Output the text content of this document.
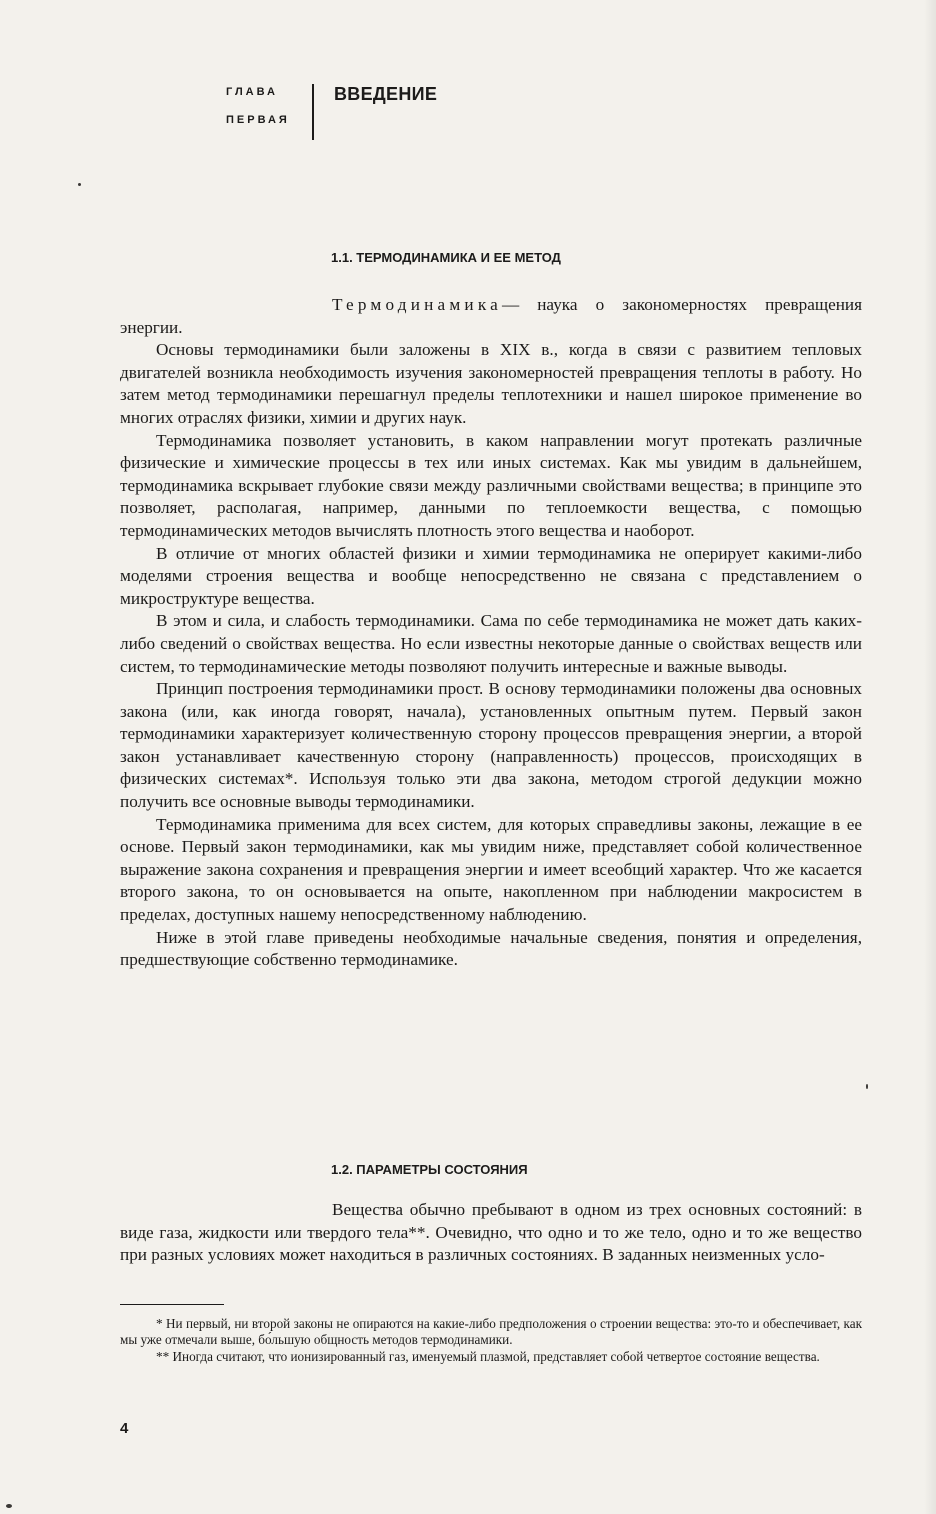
ГЛАВА
ПЕРВАЯ
ВВЕДЕНИЕ
1.1. ТЕРМОДИНАМИКА И ЕЕ МЕТОД

Термодинамика— наука о закономерностях превращения энергии.

Основы термодинамики были заложены в XIX в., когда в связи с развитием тепловых двигателей возникла необходимость изучения закономерностей превращения теплоты в работу. Но затем метод термодинамики перешагнул пределы теплотехники и нашел широкое применение во многих отраслях физики, химии и других наук.

Термодинамика позволяет установить, в каком направлении могут протекать различные физические и химические процессы в тех или иных системах. Как мы увидим в дальнейшем, термодинамика вскрывает глубокие связи между различными свойствами вещества; в принципе это позволяет, располагая, например, данными по теплоемкости вещества, с помощью термодинамических методов вычислять плотность этого вещества и наоборот.

В отличие от многих областей физики и химии термодинамика не оперирует какими-либо моделями строения вещества и вообще непосредственно не связана с представлением о микроструктуре вещества.

В этом и сила, и слабость термодинамики. Сама по себе термодинамика не может дать каких-либо сведений о свойствах вещества. Но если известны некоторые данные о свойствах веществ или систем, то термодинамические методы позволяют получить интересные и важные выводы.

Принцип построения термодинамики прост. В основу термодинамики положены два основных закона (или, как иногда говорят, начала), установленных опытным путем. Первый закон термодинамики характеризует количественную сторону процессов превращения энергии, а второй закон устанавливает качественную сторону (направленность) процессов, происходящих в физических системах*. Используя только эти два закона, методом строгой дедукции можно получить все основные выводы термодинамики.

Термодинамика применима для всех систем, для которых справедливы законы, лежащие в ее основе. Первый закон термодинамики, как мы увидим ниже, представляет собой количественное выражение закона сохранения и превращения энергии и имеет всеобщий характер. Что же касается второго закона, то он основывается на опыте, накопленном при наблюдении макросистем в пределах, доступных нашему непосредственному наблюдению.

Ниже в этой главе приведены необходимые начальные сведения, понятия и определения, предшествующие собственно термодинамике.

1.2. ПАРАМЕТРЫ СОСТОЯНИЯ

Вещества обычно пребывают в одном из трех основных состояний: в виде газа, жидкости или твердого тела**. Очевидно, что одно и то же тело, одно и то же вещество при разных условиях может находиться в различных состояниях. В заданных неизменных усло-

* Ни первый, ни второй законы не опираются на какие-либо предположения о строении вещества: это-то и обеспечивает, как мы уже отмечали выше, бо́льшую общность методов термодинамики.

** Иногда считают, что ионизированный газ, именуемый плазмой, представляет собой четвертое состояние вещества.

4
